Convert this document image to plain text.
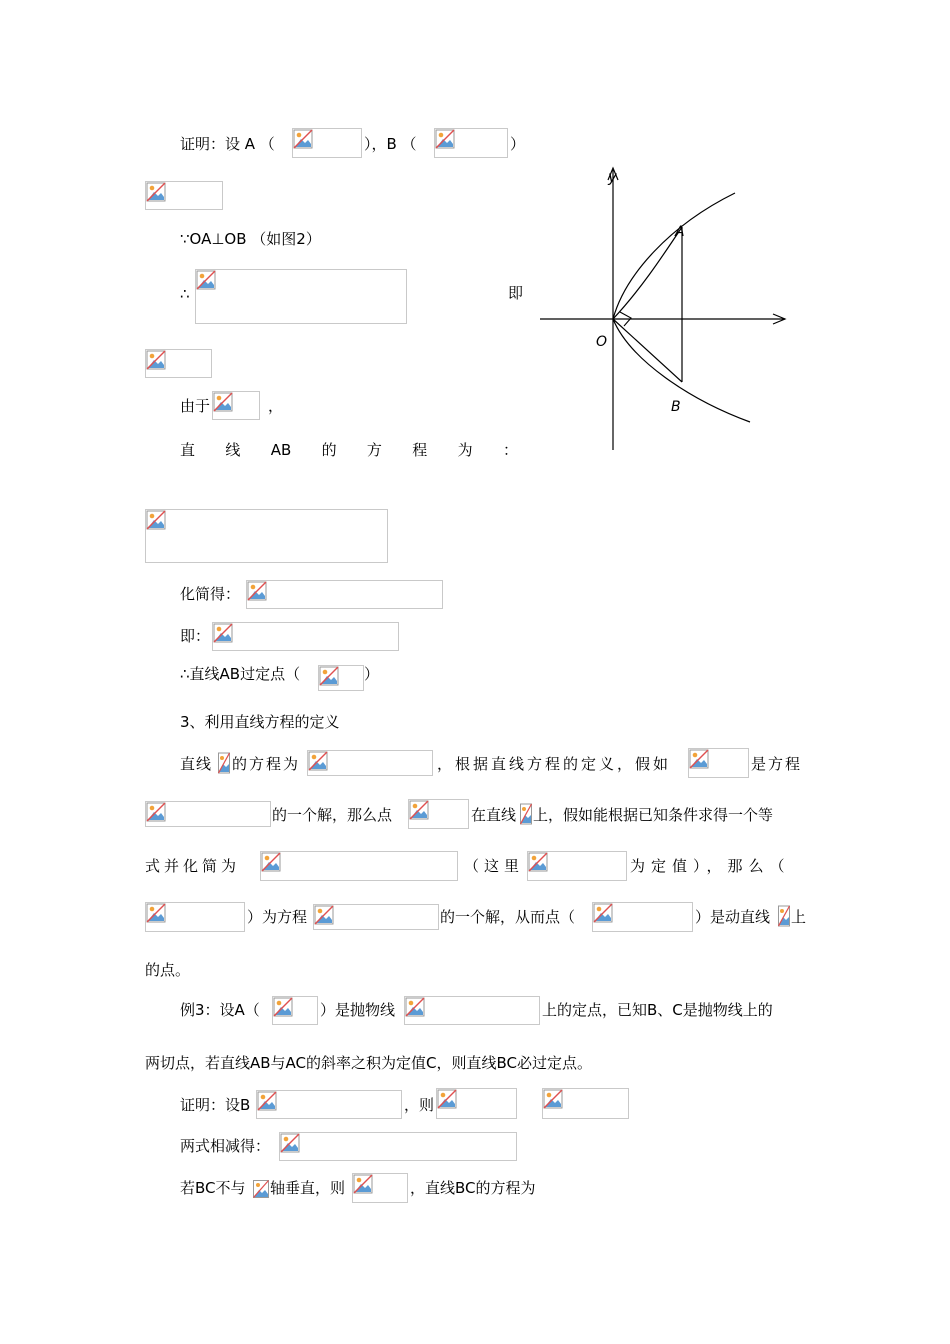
证明：设 A （	），B （	）
∵OA⊥OB （如图2）
∴	即
由于	，
直 线 AB 的 方 程 为 ：
化简得：
即：
∴直线AB过定点（	）
y
A
O
B
3、利用直线方程的定义
直线 的方程为	，根据直线方程的定义，假如	是方程
的一个解，那么点	在直线 上，假如能根据已知条件求得一个等
式并化简为	（这里	为定值），那么（
）为方程	的一个解，从而点（	）是动直线 上
的点。
例3：设A（	）是抛物线	上的定点，已知B、C是抛物线上的
两切点，若直线AB与AC的斜率之积为定值C，则直线BC必过定点。
证明：设B	，则
两式相减得：
若BC不与 轴垂直，则	，直线BC的方程为
